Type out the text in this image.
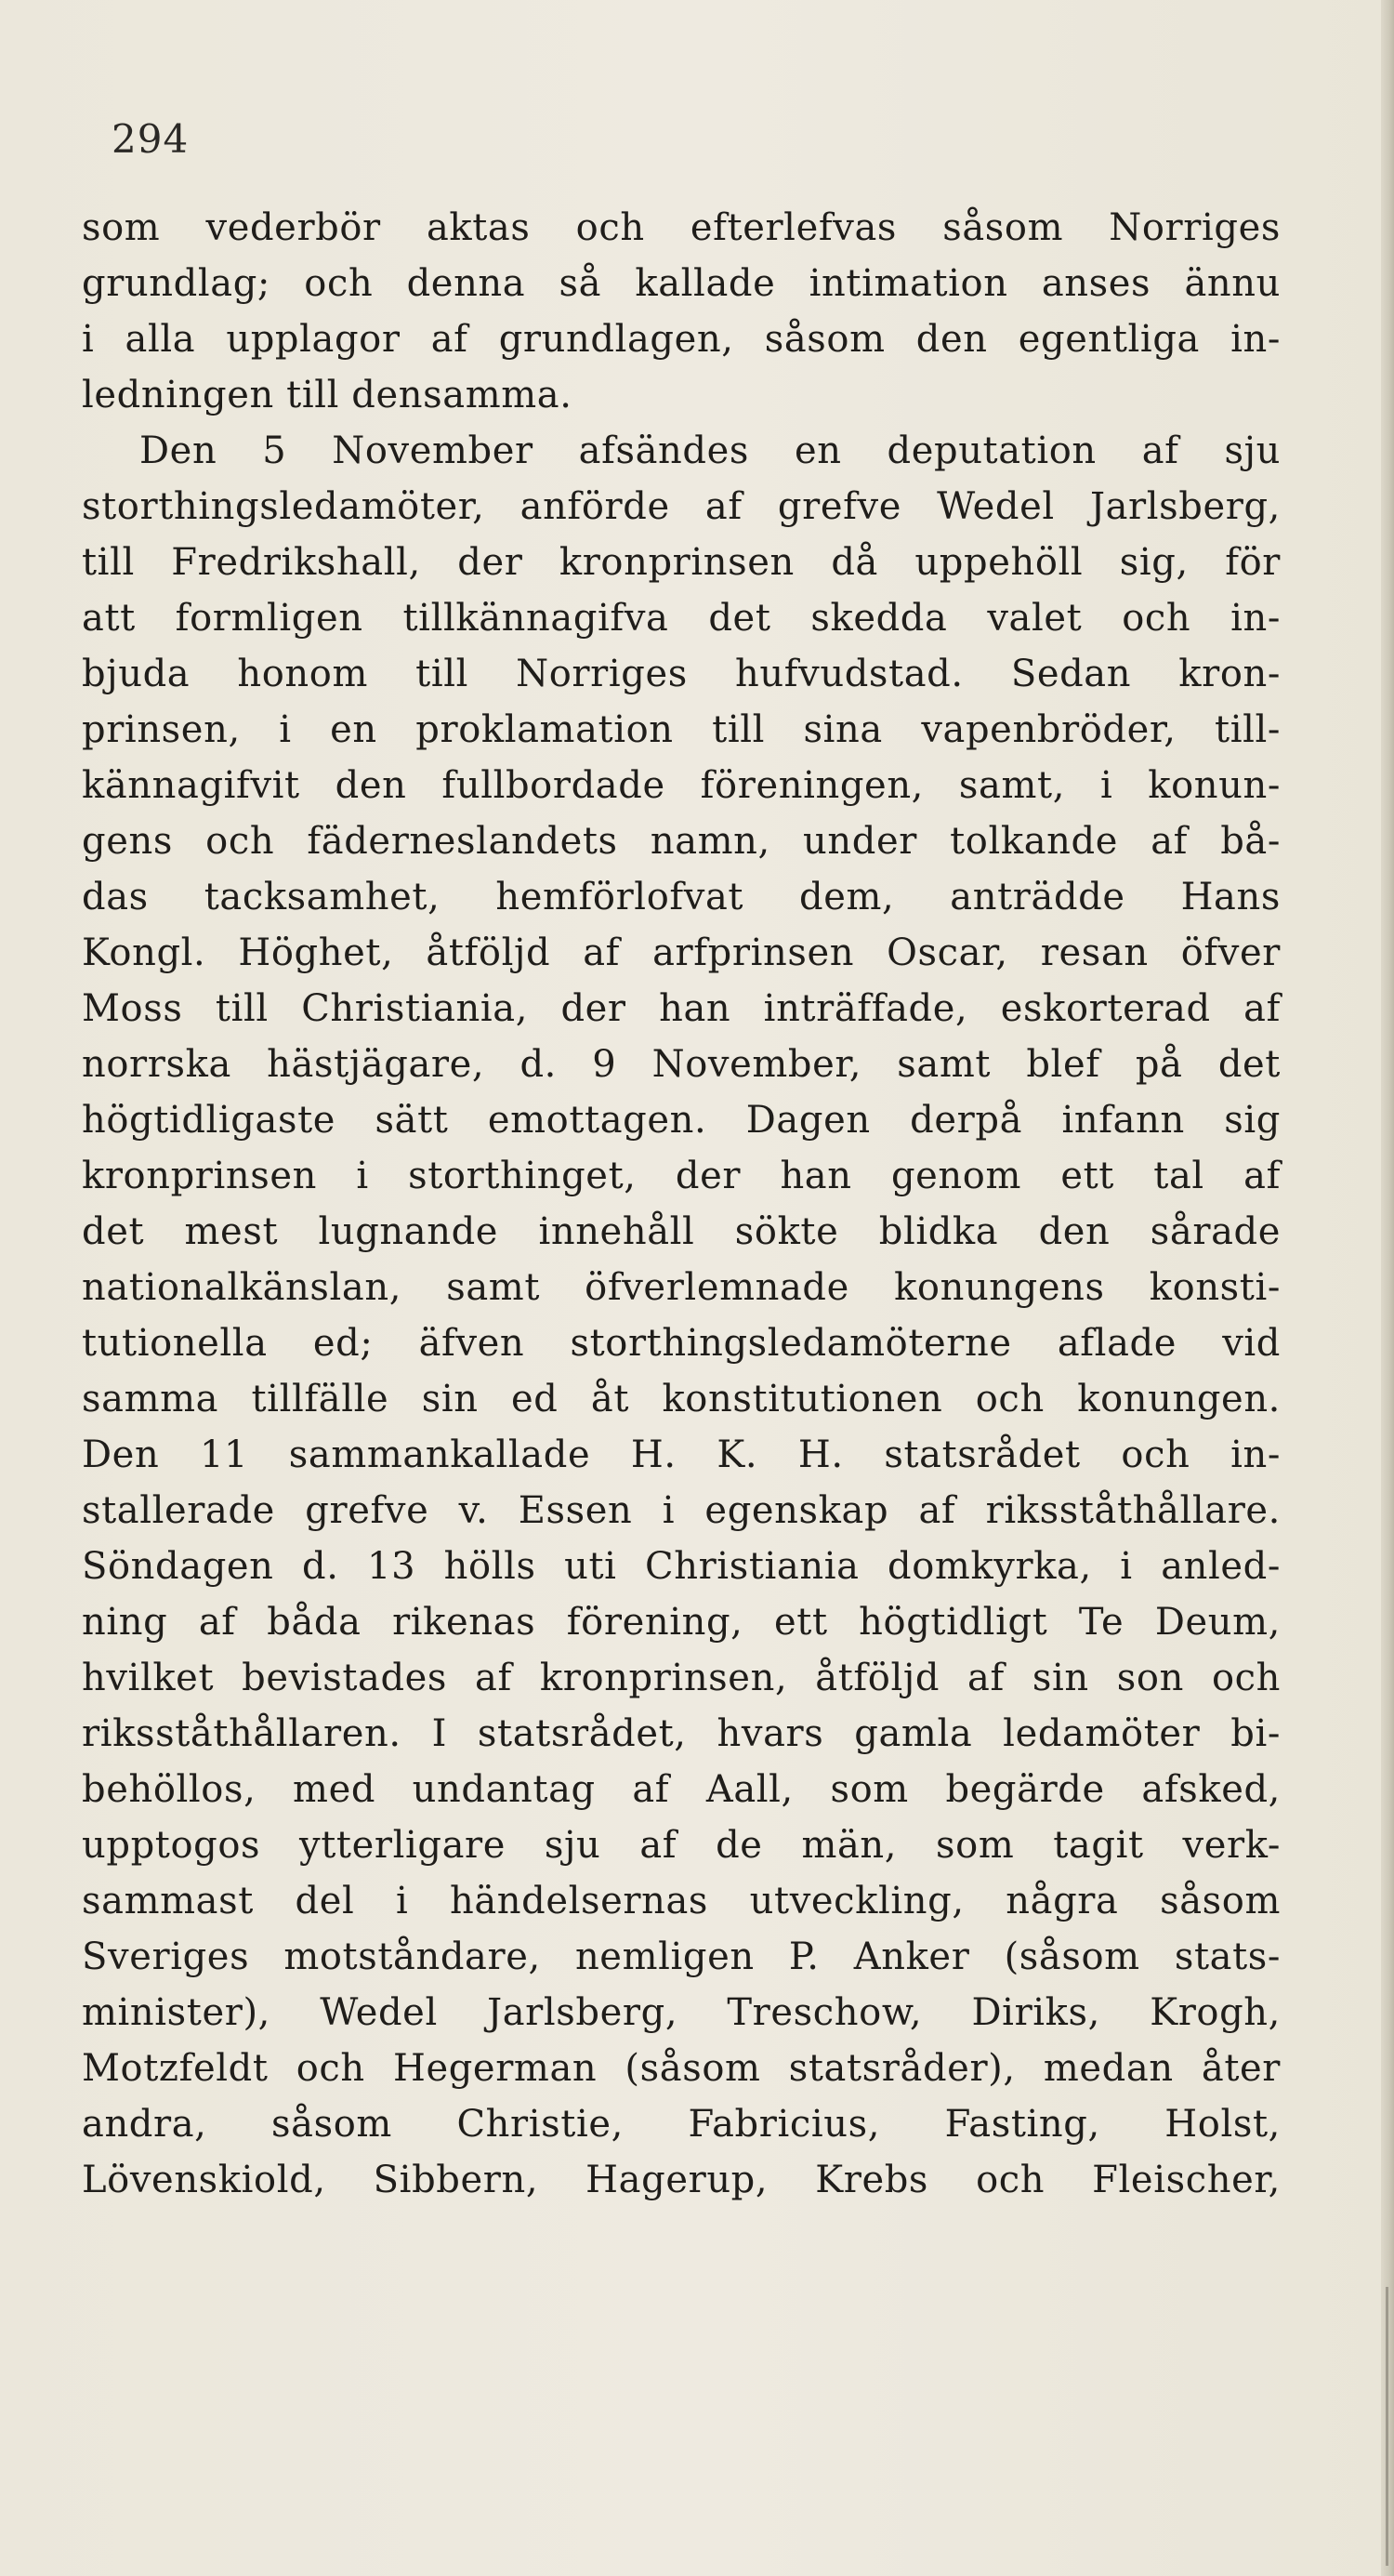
294
som vederbör aktas och efterlefvas såsom Norriges
grundlag; och denna så kallade intimation anses ännu
i alla upplagor af grundlagen, såsom den egentliga in-
ledningen till densamma.
Den 5 November afsändes en deputation af sju
storthingsledamöter, anförde af grefve Wedel Jarlsberg,
till Fredrikshall, der kronprinsen då uppehöll sig, för
att formligen tillkännagifva det skedda valet och in-
bjuda honom till Norriges hufvudstad. Sedan kron-
prinsen, i en proklamation till sina vapenbröder, till-
kännagifvit den fullbordade föreningen, samt, i konun-
gens och fäderneslandets namn, under tolkande af bå-
das tacksamhet, hemförlofvat dem, anträdde Hans
Kongl. Höghet, åtföljd af arfprinsen Oscar, resan öfver
Moss till Christiania, der han inträffade, eskorterad af
norrska hästjägare, d. 9 November, samt blef på det
högtidligaste sätt emottagen. Dagen derpå infann sig
kronprinsen i storthinget, der han genom ett tal af
det mest lugnande innehåll sökte blidka den sårade
nationalkänslan, samt öfverlemnade konungens konsti-
tutionella ed; äfven storthingsledamöterne aflade vid
samma tillfälle sin ed åt konstitutionen och konungen.
Den 11 sammankallade H. K. H. statsrådet och in-
stallerade grefve v. Essen i egenskap af riksståthållare.
Söndagen d. 13 hölls uti Christiania domkyrka, i anled-
ning af båda rikenas förening, ett högtidligt Te Deum,
hvilket bevistades af kronprinsen, åtföljd af sin son och
riksståthållaren. I statsrådet, hvars gamla ledamöter bi-
behöllos, med undantag af Aall, som begärde afsked,
upptogos ytterligare sju af de män, som tagit verk-
sammast del i händelsernas utveckling, några såsom
Sveriges motståndare, nemligen P. Anker (såsom stats-
minister), Wedel Jarlsberg, Treschow, Diriks, Krogh,
Motzfeldt och Hegerman (såsom statsråder), medan åter
andra, såsom Christie, Fabricius, Fasting, Holst,
Lövenskiold, Sibbern, Hagerup, Krebs och Fleischer,
